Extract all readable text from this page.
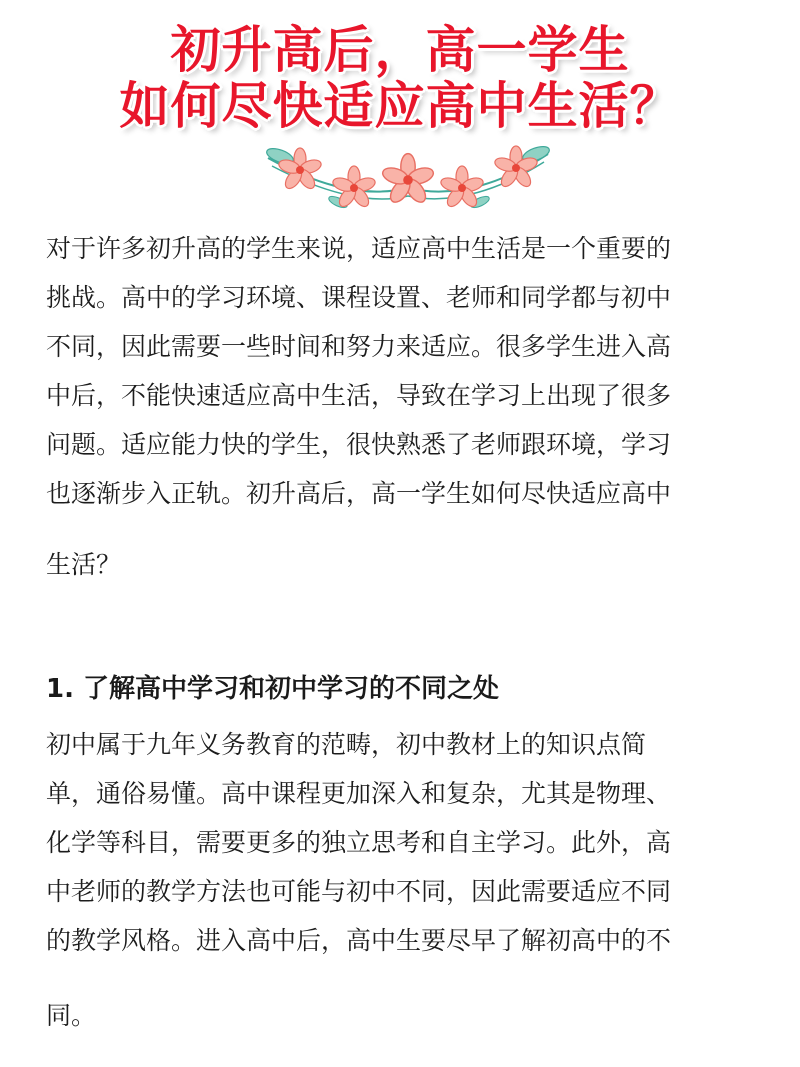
初升高后，高一学生
如何尽快适应高中生活？
对于许多初升高的学生来说，适应高中生活是一个重要的
挑战。高中的学习环境、课程设置、老师和同学都与初中
不同，因此需要一些时间和努力来适应。很多学生进入高
中后，不能快速适应高中生活，导致在学习上出现了很多
问题。适应能力快的学生，很快熟悉了老师跟环境，学习
也逐渐步入正轨。初升高后，高一学生如何尽快适应高中
生活？
1. 了解高中学习和初中学习的不同之处
初中属于九年义务教育的范畴，初中教材上的知识点简
单，通俗易懂。高中课程更加深入和复杂，尤其是物理、
化学等科目，需要更多的独立思考和自主学习。此外，高
中老师的教学方法也可能与初中不同，因此需要适应不同
的教学风格。进入高中后，高中生要尽早了解初高中的不
同。
